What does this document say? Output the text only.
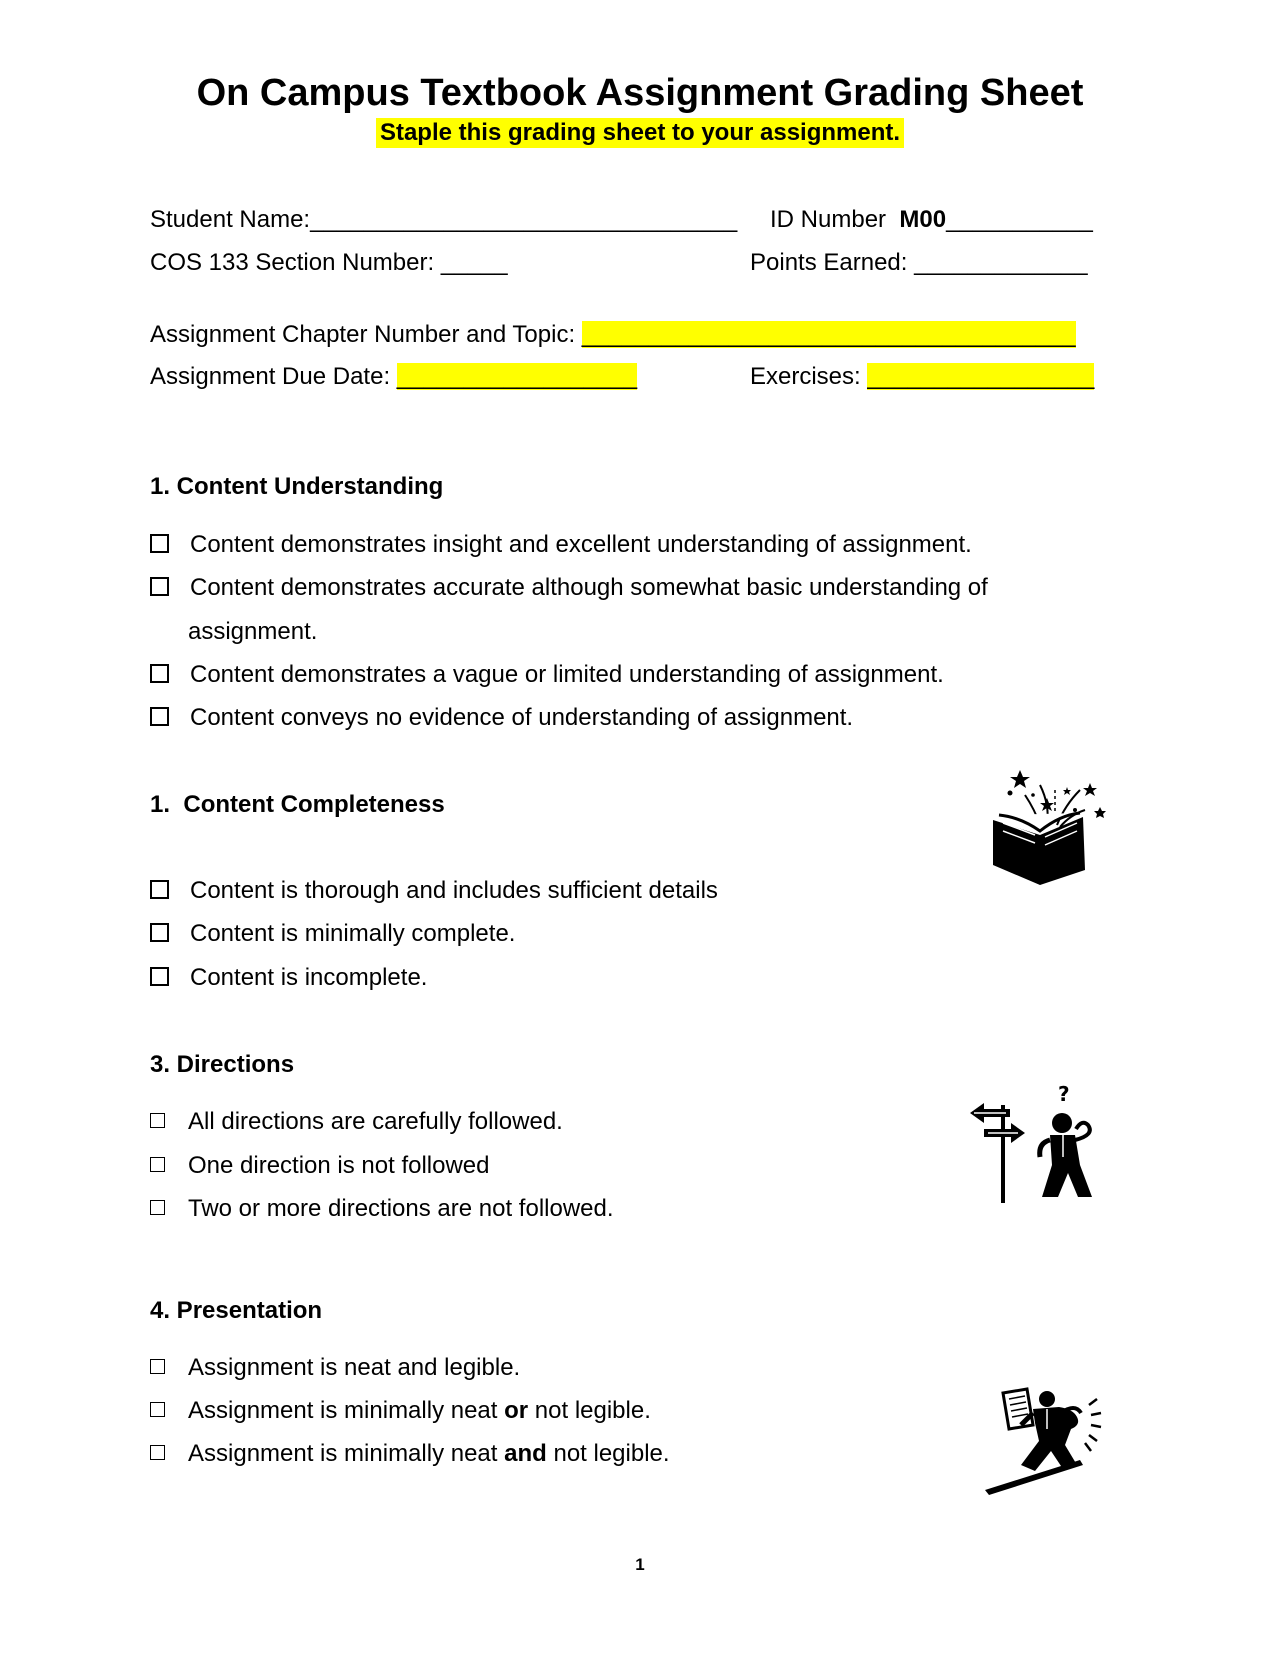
On Campus Textbook Assignment Grading Sheet
Staple this grading sheet to your assignment.
Student Name:________________________________ ID Number M00___________
COS 133 Section Number: _____	Points Earned: _____________
Assignment Chapter Number and Topic: _____________________________________
Assignment Due Date: __________________	Exercises: _________________
1. Content Understanding
Content demonstrates insight and excellent understanding of assignment.
Content demonstrates accurate although somewhat basic understanding of
assignment.
Content demonstrates a vague or limited understanding of assignment.
Content conveys no evidence of understanding of assignment.
1. Content Completeness
Content is thorough and includes sufficient details
Content is minimally complete.
Content is incomplete.
3. Directions
All directions are carefully followed.
One direction is not followed
Two or more directions are not followed.
4. Presentation
Assignment is neat and legible.
Assignment is minimally neat or not legible.
Assignment is minimally neat and not legible.
?
1
